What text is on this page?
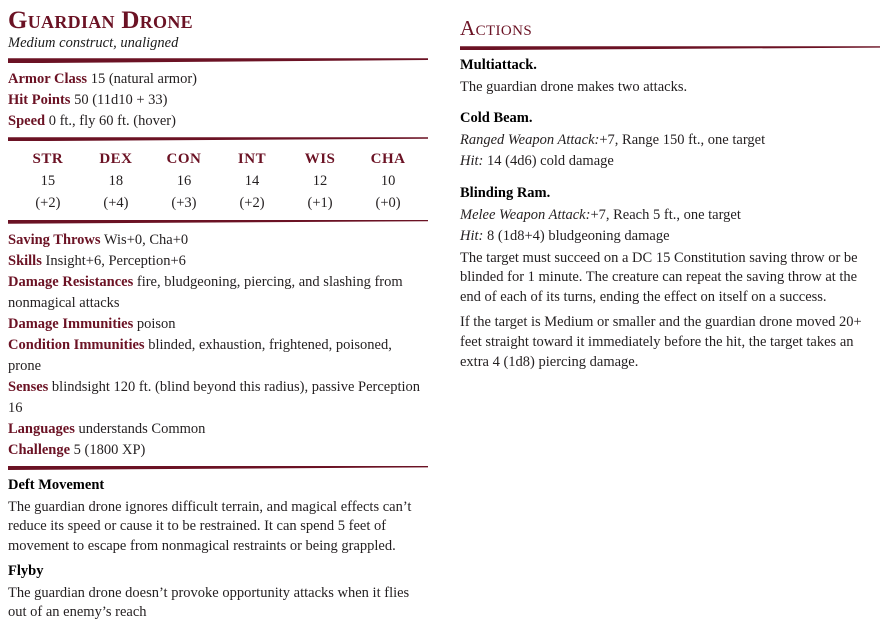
Guardian Drone
Medium construct, unaligned
Armor Class 15 (natural armor)
Hit Points 50 (11d10 + 33)
Speed 0 ft., fly 60 ft. (hover)
STR
15
(+2)
DEX
18
(+4)
CON
16
(+3)
INT
14
(+2)
WIS
12
(+1)
CHA
10
(+0)
Saving Throws Wis+0, Cha+0
Skills Insight+6, Perception+6
Damage Resistances fire, bludgeoning, piercing, and slashing from nonmagical attacks
Damage Immunities poison
Condition Immunities blinded, exhaustion, frightened, poisoned, prone
Senses blindsight 120 ft. (blind beyond this radius), passive Perception 16
Languages understands Common
Challenge 5 (1800 XP)
Deft Movement

The guardian drone ignores difficult terrain, and magical effects can’t reduce its speed or cause it to be restrained. It can spend 5 feet of movement to escape from nonmagical restraints or being grappled.

Flyby

The guardian drone doesn’t provoke opportunity attacks when it flies out of an enemy’s reach

Actions
Multiattack.

The guardian drone makes two attacks.

Cold Beam.

Ranged Weapon Attack:+7, Range 150 ft., one target

Hit: 14 (4d6) cold damage

Blinding Ram.

Melee Weapon Attack:+7, Reach 5 ft., one target

Hit: 8 (1d8+4) bludgeoning damage

The target must succeed on a DC 15 Constitution saving throw or be blinded for 1 minute. The creature can repeat the saving throw at the end of each of its turns, ending the effect on itself on a success.

If the target is Medium or smaller and the guardian drone moved 20+ feet straight toward it immediately before the hit, the target takes an extra 4 (1d8) piercing damage.
